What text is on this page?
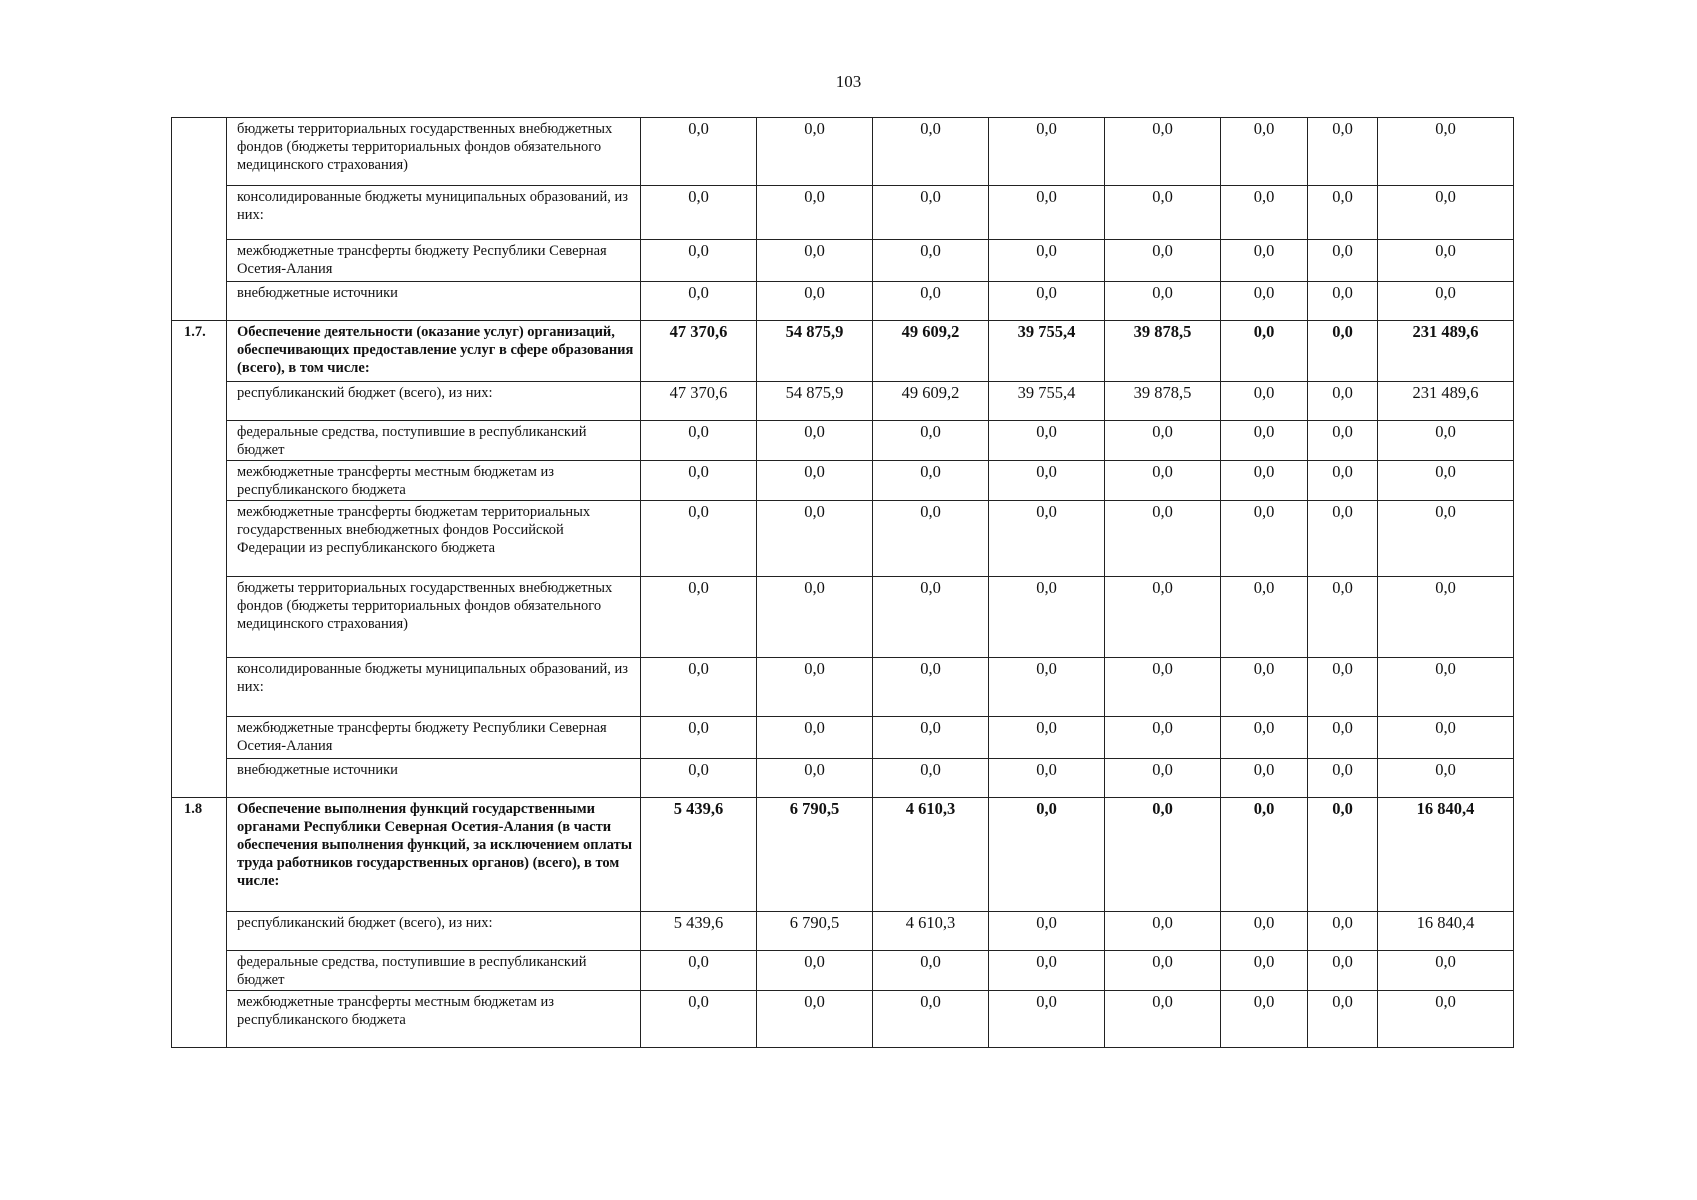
103
	бюджеты территориальных государственных внебюджетных фондов (бюджеты территориальных фондов обязательного медицинского страхования)	0,0	0,0	0,0	0,0	0,0	0,0	0,0	0,0
	консолидированные бюджеты муниципальных образований, из них:	0,0	0,0	0,0	0,0	0,0	0,0	0,0	0,0
	межбюджетные трансферты бюджету Республики Северная Осетия-Алания	0,0	0,0	0,0	0,0	0,0	0,0	0,0	0,0
	внебюджетные источники	0,0	0,0	0,0	0,0	0,0	0,0	0,0	0,0
1.7.	Обеспечение деятельности (оказание услуг) организаций, обеспечивающих предоставление услуг в сфере образования (всего), в том числе:	47 370,6	54 875,9	49 609,2	39 755,4	39 878,5	0,0	0,0	231 489,6
	республиканский бюджет (всего), из них:	47 370,6	54 875,9	49 609,2	39 755,4	39 878,5	0,0	0,0	231 489,6
	федеральные средства, поступившие в республиканский бюджет	0,0	0,0	0,0	0,0	0,0	0,0	0,0	0,0
	межбюджетные трансферты местным бюджетам из республиканского бюджета	0,0	0,0	0,0	0,0	0,0	0,0	0,0	0,0
	межбюджетные трансферты бюджетам территориальных государственных внебюджетных фондов Российской Федерации из республиканского бюджета	0,0	0,0	0,0	0,0	0,0	0,0	0,0	0,0
	бюджеты территориальных государственных внебюджетных фондов (бюджеты территориальных фондов обязательного медицинского страхования)	0,0	0,0	0,0	0,0	0,0	0,0	0,0	0,0
	консолидированные бюджеты муниципальных образований, из них:	0,0	0,0	0,0	0,0	0,0	0,0	0,0	0,0
	межбюджетные трансферты бюджету Республики Северная Осетия-Алания	0,0	0,0	0,0	0,0	0,0	0,0	0,0	0,0
	внебюджетные источники	0,0	0,0	0,0	0,0	0,0	0,0	0,0	0,0
1.8	Обеспечение выполнения функций государственными органами Республики Северная Осетия-Алания (в части обеспечения выполнения функций, за исключением оплаты труда работников государственных органов) (всего), в том числе:	5 439,6	6 790,5	4 610,3	0,0	0,0	0,0	0,0	16 840,4
	республиканский бюджет (всего), из них:	5 439,6	6 790,5	4 610,3	0,0	0,0	0,0	0,0	16 840,4
	федеральные средства, поступившие в республиканский бюджет	0,0	0,0	0,0	0,0	0,0	0,0	0,0	0,0
	межбюджетные трансферты местным бюджетам из республиканского бюджета	0,0	0,0	0,0	0,0	0,0	0,0	0,0	0,0
